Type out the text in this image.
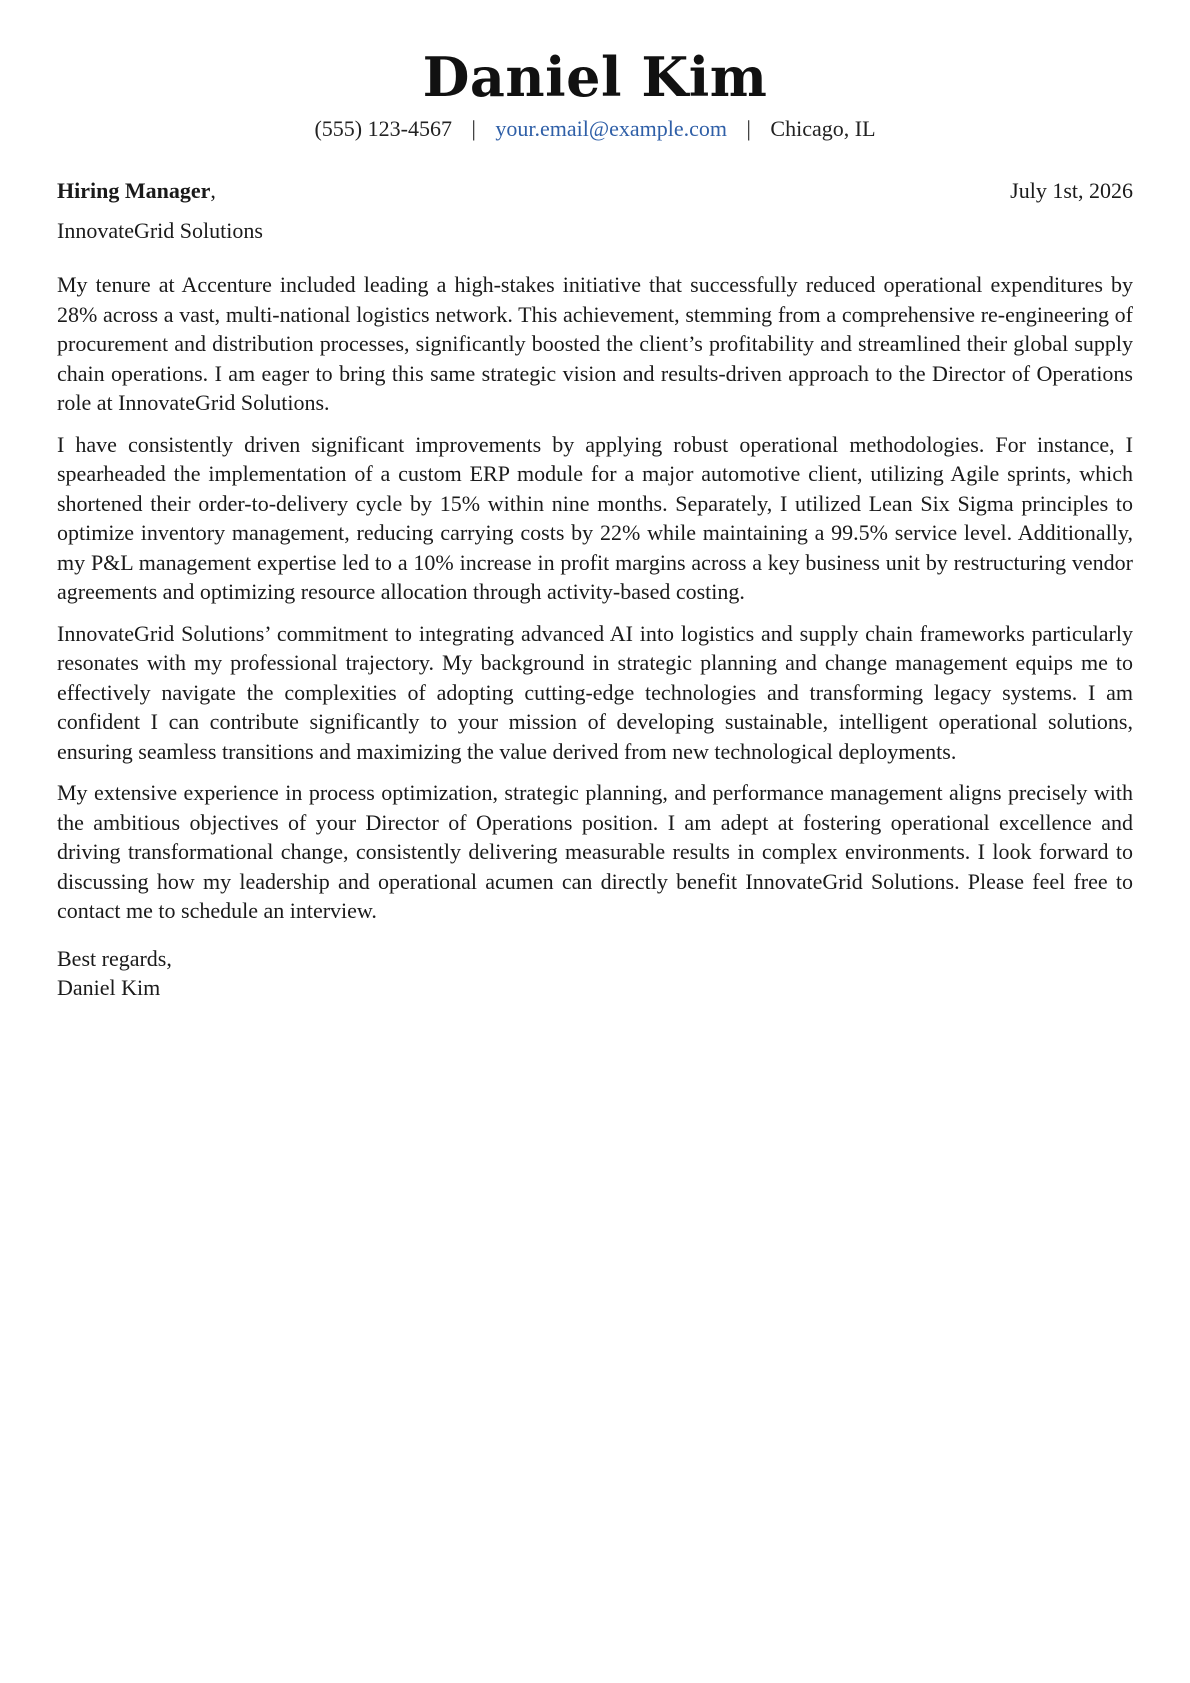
Daniel Kim
(555) 123-4567 | your.email@example.com | Chicago, IL
Hiring Manager,	July 1st, 2026
InnovateGrid Solutions

My tenure at Accenture included leading a high-stakes initiative that successfully reduced operational expenditures by 28% across a vast, multi-national logistics network. This achievement, stemming from a comprehensive re-engineering of procurement and distribution processes, significantly boosted the client’s profitability and streamlined their global supply chain operations. I am eager to bring this same strategic vision and results-driven approach to the Director of Operations role at InnovateGrid Solutions.

I have consistently driven significant improvements by applying robust operational methodologies. For instance, I spearheaded the implementation of a custom ERP module for a major automotive client, utilizing Agile sprints, which shortened their order-to-delivery cycle by 15% within nine months. Separately, I utilized Lean Six Sigma principles to optimize inventory management, reducing carrying costs by 22% while maintaining a 99.5% service level. Additionally, my P&L management expertise led to a 10% increase in profit margins across a key business unit by restructuring vendor agreements and optimizing resource allocation through activity-based costing.

InnovateGrid Solutions’ commitment to integrating advanced AI into logistics and supply chain frameworks particularly resonates with my professional trajectory. My background in strategic planning and change management equips me to effectively navigate the complexities of adopting cutting-edge technologies and transforming legacy systems. I am confident I can contribute significantly to your mission of developing sustainable, intelligent operational solutions, ensuring seamless transitions and maximizing the value derived from new technological deployments.

My extensive experience in process optimization, strategic planning, and performance management aligns precisely with the ambitious objectives of your Director of Operations position. I am adept at fostering operational excellence and driving transformational change, consistently delivering measurable results in complex environments. I look forward to discussing how my leadership and operational acumen can directly benefit InnovateGrid Solutions. Please feel free to contact me to schedule an interview.

Best regards,
Daniel Kim
